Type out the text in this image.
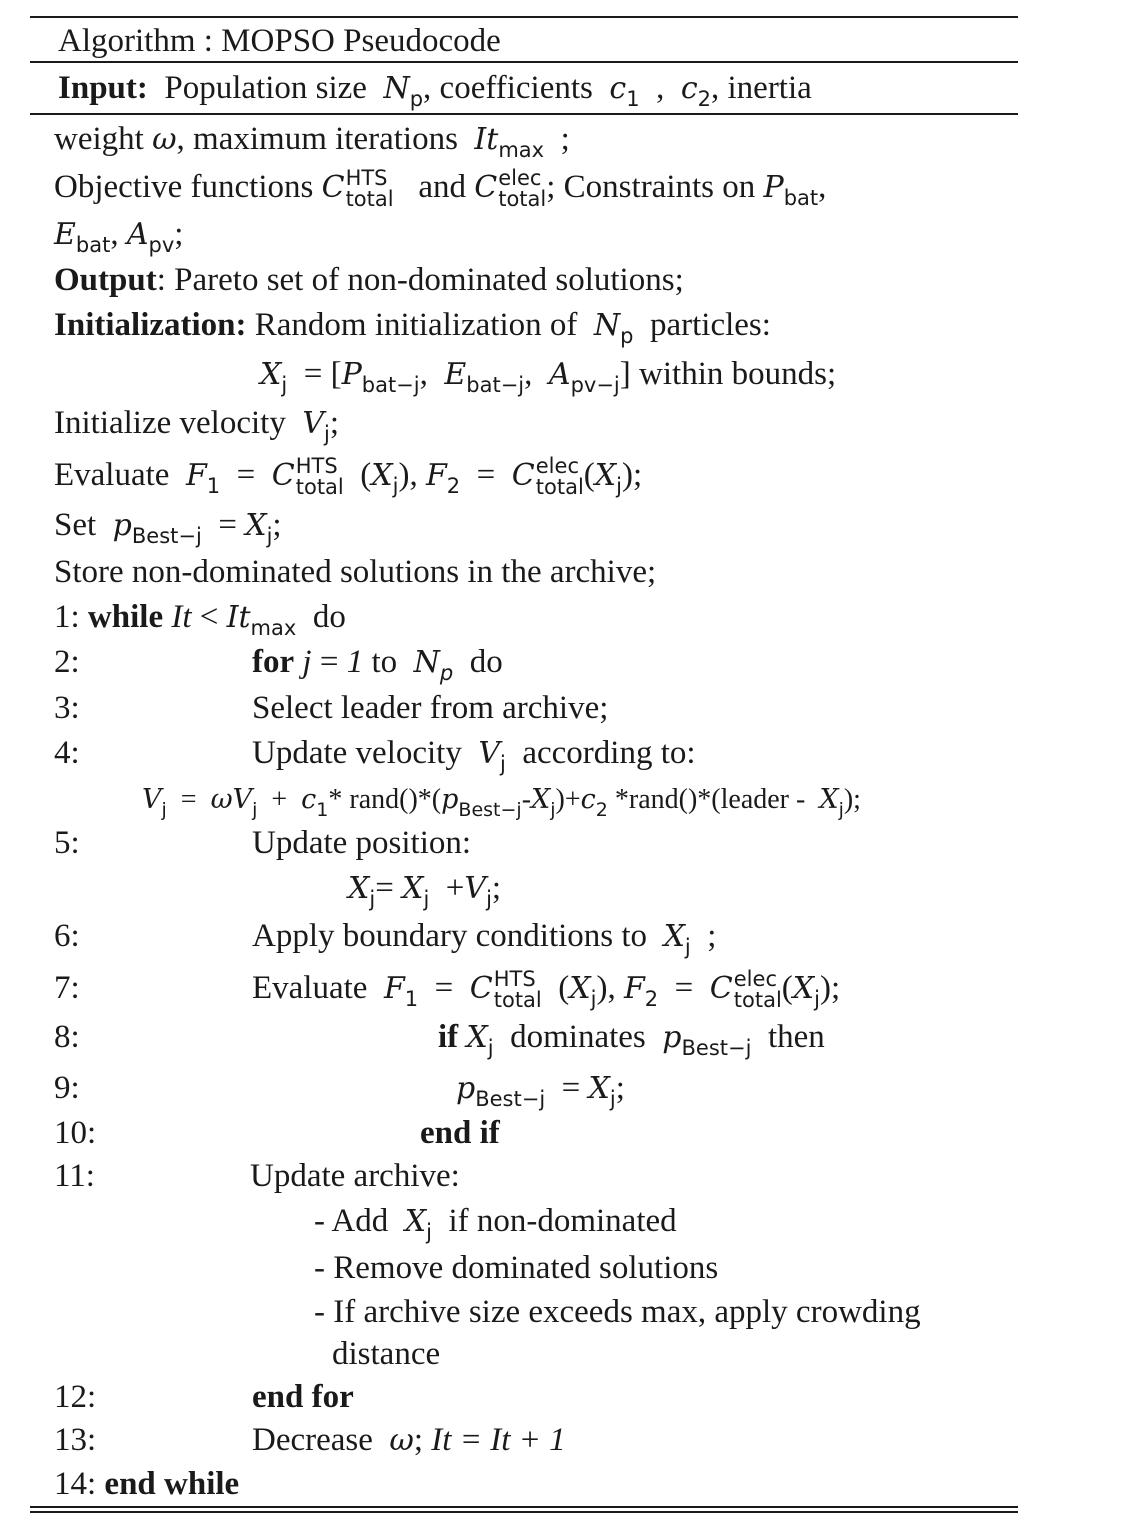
Algorithm : MOPSO Pseudocode
Input: Population size $N_p$, coefficients $c_1$  ,  $c_2$, inertia
weight ω, maximum iterations $It_{max}$  ;
Objective functions C HTS
total and C elec
total ; Constraints on $P_{bat}$,
$E_{bat}$, $A_{pv}$;
Output: Pareto set of non-dominated solutions;
Initialization: Random initialization of $N_p$ particles:
$X_j = [P_{bat-j}$,  $E_{bat-j}$,  $A_{pv-j}$] within bounds;
Initialize velocity $V_j$;
Evaluate $F_1 = C$ HTS
total $(X_j)$, $F_2 = C$ elec
total $(X_j)$;
Set $p_{Best-j} = X_j$;
Store non-dominated solutions in the archive;
1: while $It < It_{max}$ do
2:	for j = 1 to $N_p$ do
3:	Select leader from archive;
4:	Update velocity $V_j$ according to:
$V_j = \omega V_j + c_1*$ $rand()*(p_{Best-j}-X_j)+c_2$ *rand()*(leader - $X_j$);
5:	Update position:
$X_j= X_j +V_j$;
6:	Apply boundary conditions to $X_j$  ;
7:	Evaluate $F_1 = C$ HTS
total $(X_j)$, $F_2 = C$ elec
total $(X_j)$;
8:	if $X_j$ dominates $p_{Best-j}$ then
9:	$p_{Best-j} = X_j$;
10:	end if
11:	Update archive:
- Add $X_j$ if non-dominated
- Remove dominated solutions
- If archive size exceeds max, apply crowding
distance
12:	end for
13:	Decrease ω; It = It + 1
14: end while
